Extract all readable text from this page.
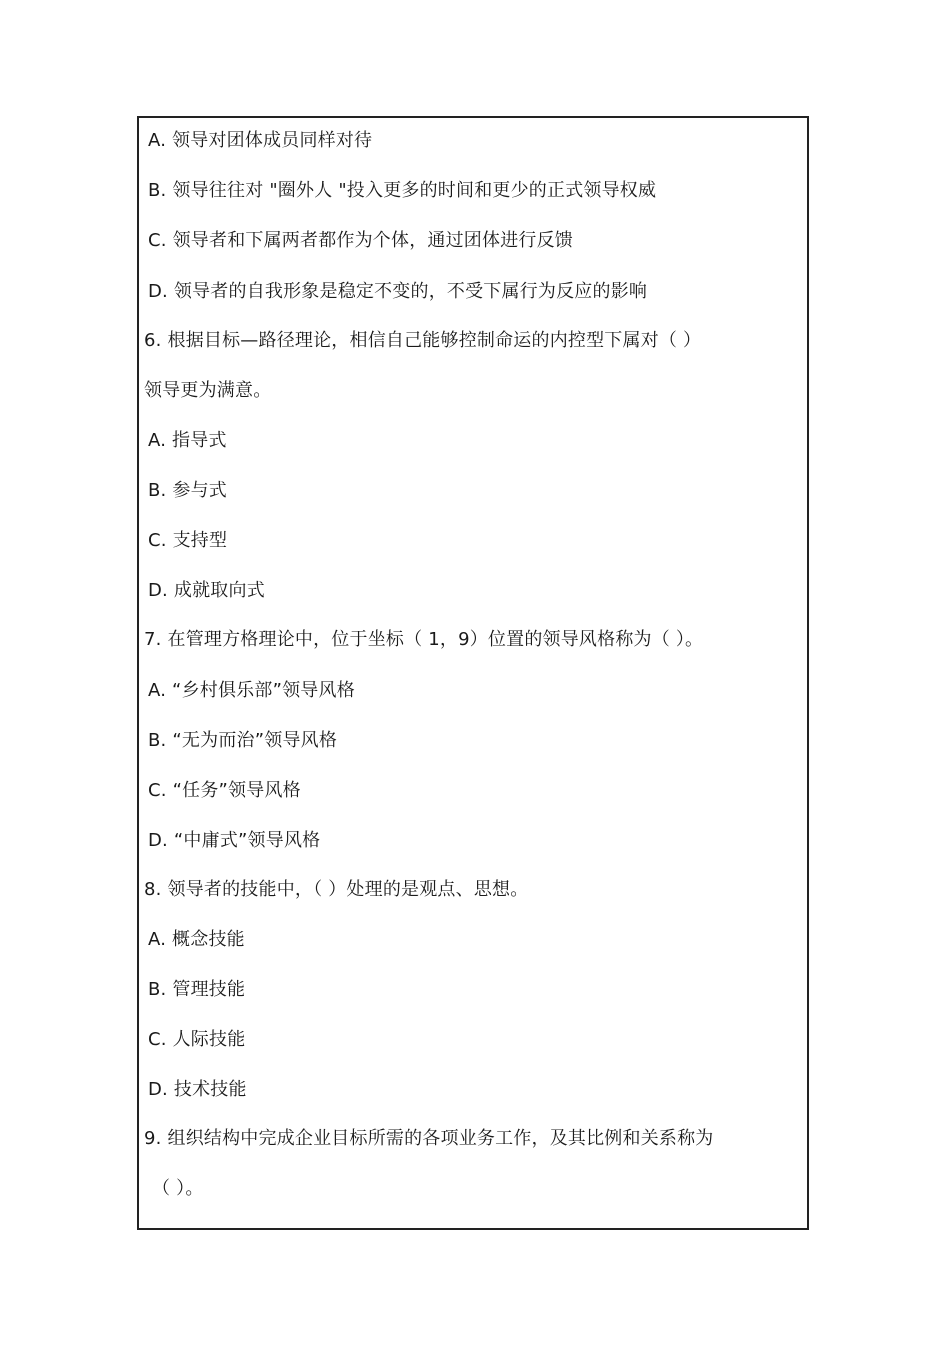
A. 领导对团体成员同样对待
B. 领导往往对 "圈外人 "投入更多的时间和更少的正式领导权威
C. 领导者和下属两者都作为个体，通过团体进行反馈
D. 领导者的自我形象是稳定不变的，不受下属行为反应的影响
6. 根据目标—路径理论，相信自己能够控制命运的内控型下属对（ ）
领导更为满意。
A. 指导式
B. 参与式
C. 支持型
D. 成就取向式
7. 在管理方格理论中，位于坐标（ 1，9）位置的领导风格称为（ ）。
A. “乡村俱乐部”领导风格
B. “无为而治”领导风格
C. “任务”领导风格
D. “中庸式”领导风格
8. 领导者的技能中，（ ）处理的是观点、思想。
A. 概念技能
B. 管理技能
C. 人际技能
D. 技术技能
9. 组织结构中完成企业目标所需的各项业务工作，及其比例和关系称为
（ ）。
